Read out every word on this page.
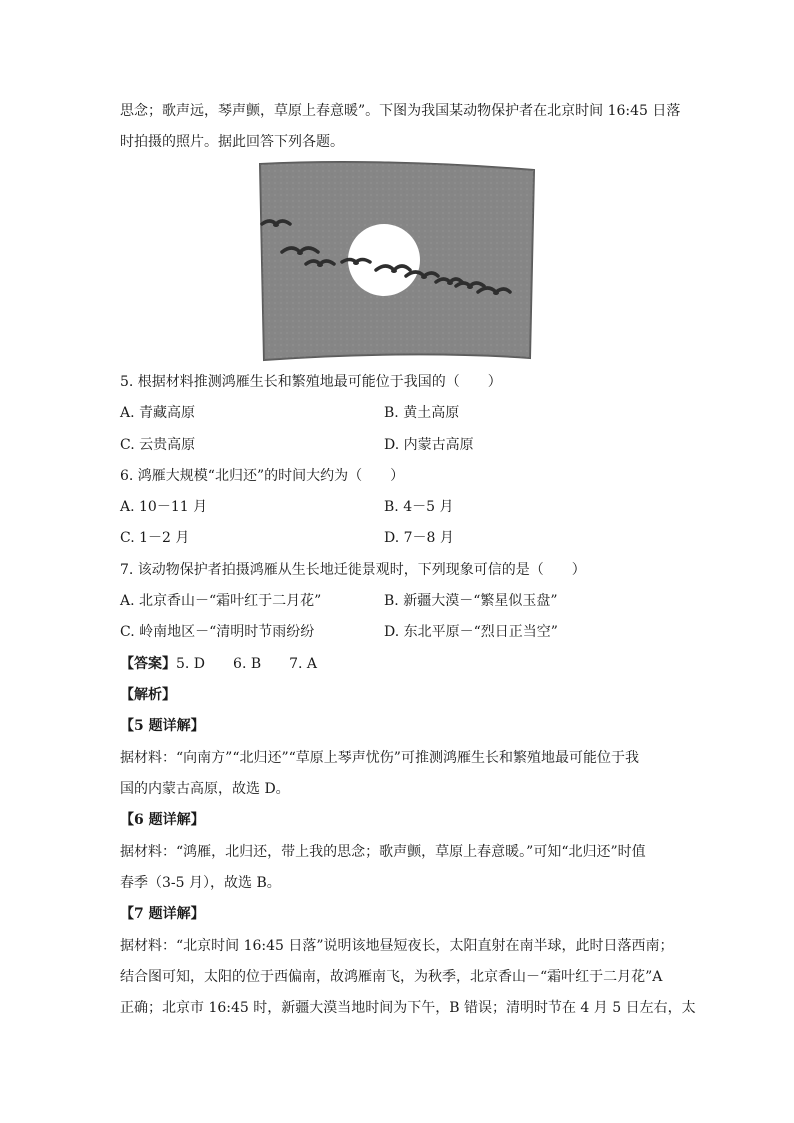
思念；歌声远，琴声颤，草原上春意暖”。下图为我国某动物保护者在北京时间 16:45 日落
时拍摄的照片。据此回答下列各题。
5. 根据材料推测鸿雁生长和繁殖地最可能位于我国的（　　）
A. 青藏高原	B. 黄土高原
C. 云贵高原	D. 内蒙古高原
6. 鸿雁大规模“北归还”的时间大约为（　　）
A. 10－11 月	B. 4－5 月
C. 1－2 月	D. 7－8 月
7. 该动物保护者拍摄鸿雁从生长地迁徙景观时，下列现象可信的是（　　）
A. 北京香山－“霜叶红于二月花”	B. 新疆大漠－“繁星似玉盘”
C. 岭南地区－“清明时节雨纷纷	D. 东北平原－“烈日正当空”
【答案】5. D　　6. B　　7. A
【解析】
【5 题详解】
据材料：“向南方”“北归还”“草原上琴声忧伤”可推测鸿雁生长和繁殖地最可能位于我
国的内蒙古高原，故选 D。
【6 题详解】
据材料：“鸿雁，北归还，带上我的思念；歌声颤，草原上春意暖。”可知“北归还”时值
春季（3-5 月），故选 B。
【7 题详解】
据材料：“北京时间 16:45 日落”说明该地昼短夜长，太阳直射在南半球，此时日落西南；
结合图可知，太阳的位于西偏南，故鸿雁南飞，为秋季，北京香山－“霜叶红于二月花”A
正确；北京市 16:45 时，新疆大漠当地时间为下午，B 错误；清明时节在 4 月 5 日左右，太
